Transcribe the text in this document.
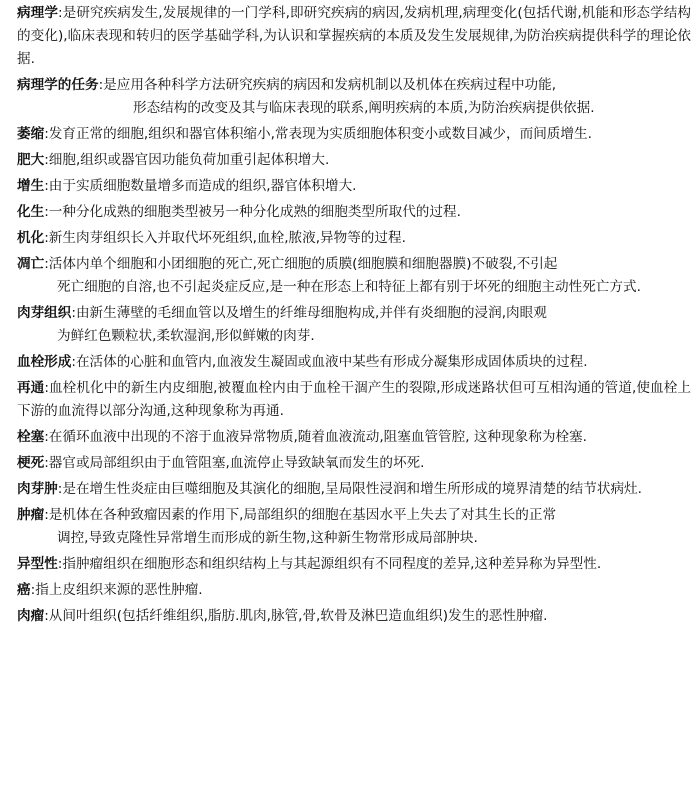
病理学:是研究疾病发生,发展规律的一门学科,即研究疾病的病因,发病机理,病理变化(包括代谢,机能和形态学结构的变化),临床表现和转归的医学基础学科,为认识和掌握疾病的本质及发生发展规律,为防治疾病提供科学的理论依据.

病理学的任务:是应用各种科学方法研究疾病的病因和发病机制以及机体在疾病过程中功能,
形态结构的改变及其与临床表现的联系,阐明疾病的本质,为防治疾病提供依据.

萎缩:发育正常的细胞,组织和器官体积缩小,常表现为实质细胞体积变小或数目减少，而间质增生.

肥大:细胞,组织或器官因功能负荷加重引起体积增大.

增生:由于实质细胞数量增多而造成的组织,器官体积增大.

化生:一种分化成熟的细胞类型被另一种分化成熟的细胞类型所取代的过程.

机化:新生肉芽组织长入并取代坏死组织,血栓,脓液,异物等的过程.

凋亡:活体内单个细胞和小团细胞的死亡,死亡细胞的质膜(细胞膜和细胞器膜)不破裂,不引起
死亡细胞的自溶,也不引起炎症反应,是一种在形态上和特征上都有别于坏死的细胞主动性死亡方式.

肉芽组织:由新生薄壁的毛细血管以及增生的纤维母细胞构成,并伴有炎细胞的浸润,肉眼观
为鲜红色颗粒状,柔软湿润,形似鲜嫩的肉芽.

血栓形成:在活体的心脏和血管内,血液发生凝固或血液中某些有形成分凝集形成固体质块的过程.

再通:血栓机化中的新生内皮细胞,被覆血栓内由于血栓干涸产生的裂隙,形成迷路状但可互相沟通的管道,使血栓上下游的血流得以部分沟通,这种现象称为再通.

栓塞:在循环血液中出现的不溶于血液异常物质,随着血液流动,阻塞血管管腔, 这种现象称为栓塞.

梗死:器官或局部组织由于血管阻塞,血流停止导致缺氧而发生的坏死.

肉芽肿:是在增生性炎症由巨噬细胞及其演化的细胞,呈局限性浸润和增生所形成的境界清楚的结节状病灶.

肿瘤:是机体在各种致瘤因素的作用下,局部组织的细胞在基因水平上失去了对其生长的正常
调控,导致克隆性异常增生而形成的新生物,这种新生物常形成局部肿块.

异型性:指肿瘤组织在细胞形态和组织结构上与其起源组织有不同程度的差异,这种差异称为异型性.

癌:指上皮组织来源的恶性肿瘤.

肉瘤:从间叶组织(包括纤维组织,脂肪.肌肉,脉管,骨,软骨及淋巴造血组织)发生的恶性肿瘤.
